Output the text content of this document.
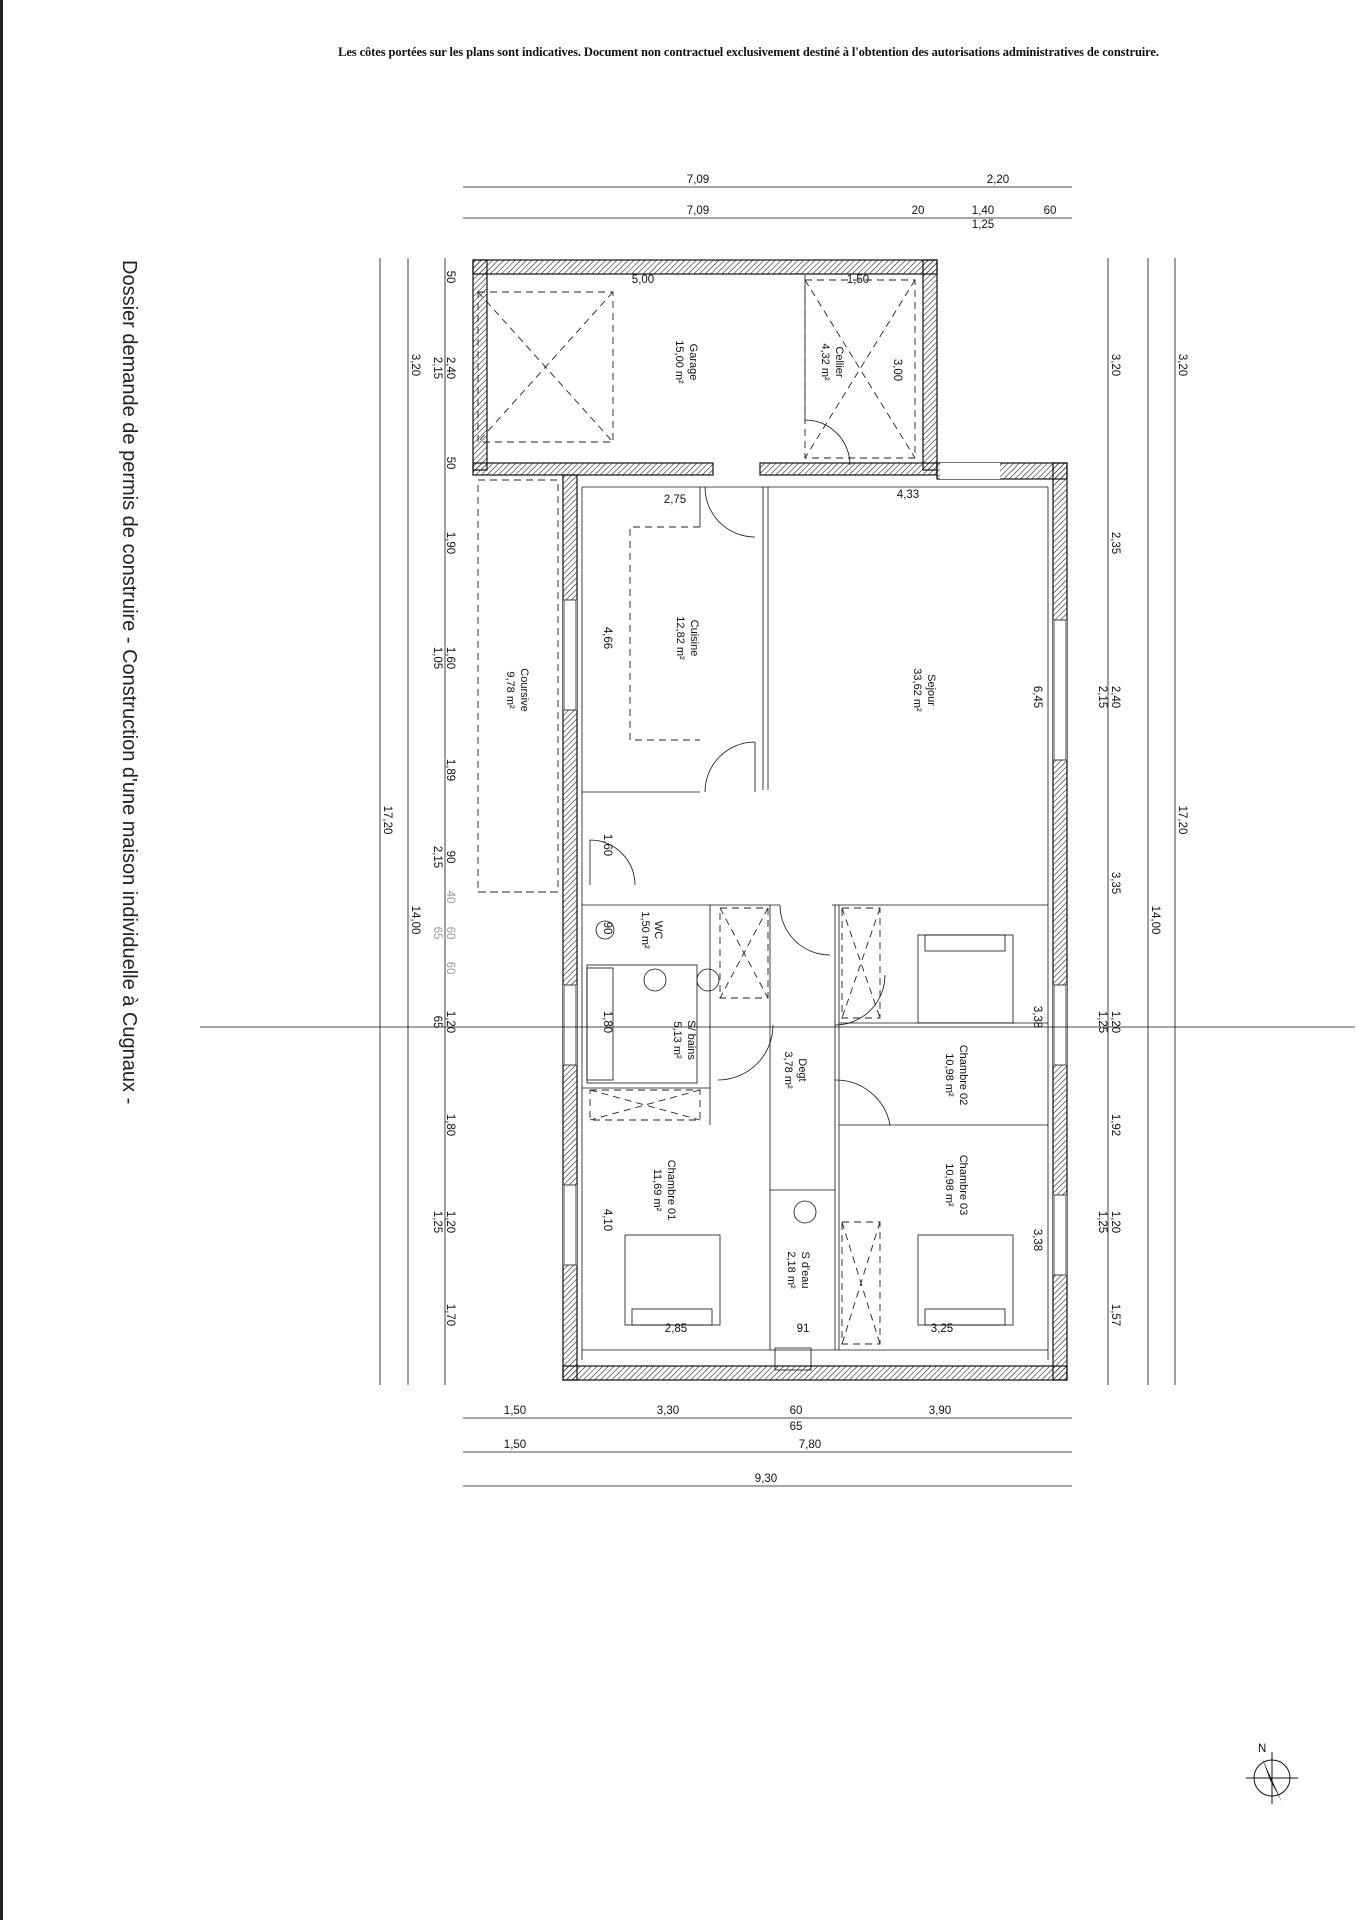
Les côtes portées sur les plans sont indicatives. Document non contractuel exclusivement destiné à l'obtention des autorisations administratives de construire.
Dossier demande de permis de construire - Construction d'une maison individuelle à Cugnaux -
7,09	2,20
7,09	20	1,40
1,25
60
1,50	3,30	60
65
3,90
1,50	7,80
9,30
17,20
3,20
14,00
50
2,40
2,15
50
1,90
1,60
1,05
1,89
90
2,15
40
60
65
60
1,20
65
1,80
1,20
1,25
1,70
3,20
2,35
2,40
2,15
3,35
1,20
1,25
1,92
1,20
1,25
1,57
14,00
3,20
17,20
5,00	1,50
3,00
2,75	4,33
4,66
6,45
1,60
90
1,80	3,38
3,38
4,10
2,85	91	3,25
Garage
15,00 m²	Cellier
4,32 m²
Cuisine
12,82 m²
Sejour
33,62 m²
Coursive
9,78 m²
WC
1,50 m²
S/ bains
5,13 m²
Degt
3,78 m²	Chambre 02
10,98 m²
Chambre 01
11,69 m²
S d'eau
2,18 m²
Chambre 03
10,98 m²
N
